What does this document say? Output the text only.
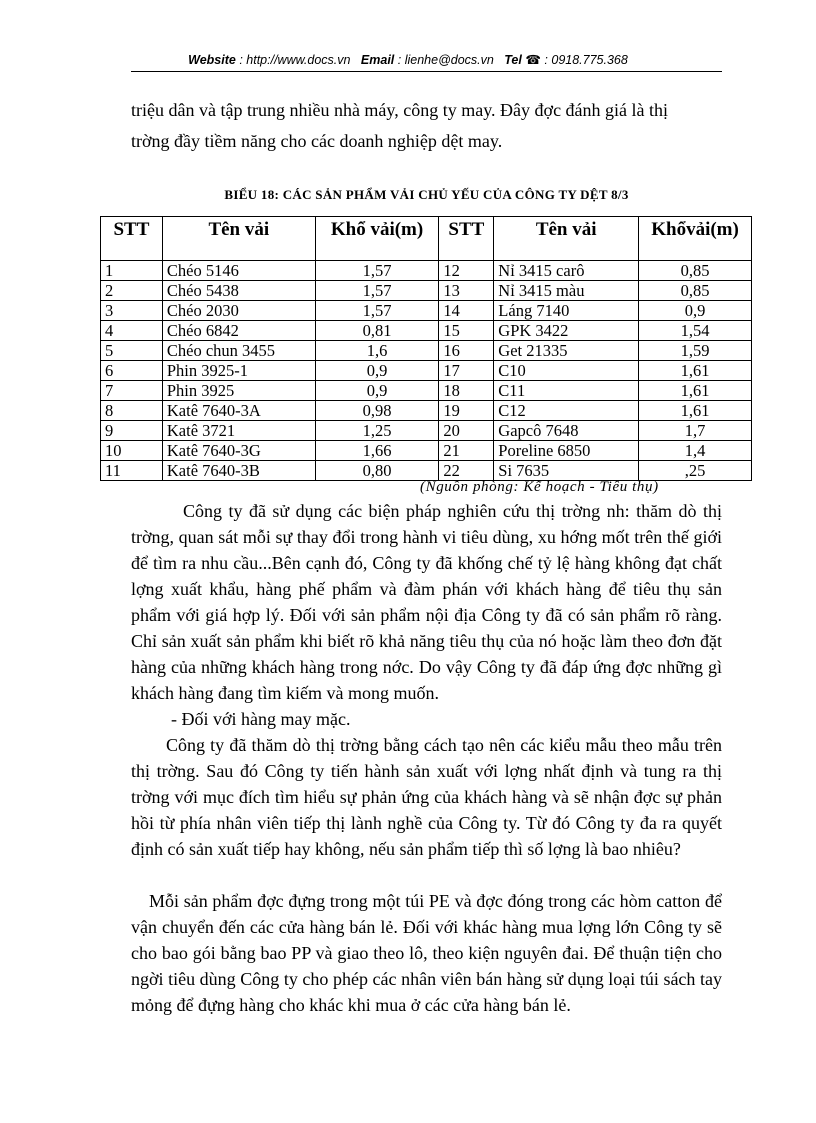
Website : http://www.docs.vn Email : lienhe@docs.vn Tel ☎ : 0918.775.368
triệu dân và tập trung nhiều nhà máy, công ty may. Đây đợc đánh giá là thị
trờng đầy tiềm năng cho các doanh nghiệp dệt may.
BIỂU 18: CÁC SẢN PHẨM VẢI CHỦ YẾU CỦA CÔNG TY DỆT 8/3
STT	Tên vải	Khổ vải(m)	STT	Tên vải	Khổvải(m)
1	Chéo 5146	1,57	12	Nỉ 3415 carô	0,85
2	Chéo 5438	1,57	13	Nỉ 3415 màu	0,85
3	Chéo 2030	1,57	14	Láng 7140	0,9
4	Chéo 6842	0,81	15	GPK 3422	1,54
5	Chéo chun 3455	1,6	16	Get 21335	1,59
6	Phin 3925-1	0,9	17	C10	1,61
7	Phin 3925	0,9	18	C11	1,61
8	Katê 7640-3A	0,98	19	C12	1,61
9	Katê 3721	1,25	20	Gapcô 7648	1,7
10	Katê 7640-3G	1,66	21	Poreline 6850	1,4
11	Katê 7640-3B	0,80	22	Si 7635	,25
(Nguồn phòng: Kế hoạch - Tiêu thụ)
Công ty đã sử dụng các biện pháp nghiên cứu thị trờng nh: thăm dò thị trờng, quan sát mỗi sự thay đổi trong hành vi tiêu dùng, xu hớng mốt trên thế giới để tìm ra nhu cầu...Bên cạnh đó, Công ty đã khống chế tỷ lệ hàng không đạt chất lợng xuất khẩu, hàng phế phẩm và đàm phán với khách hàng để tiêu thụ sản phẩm với giá hợp lý. Đối với sản phẩm nội địa Công ty đã có sản phẩm rõ ràng. Chỉ sản xuất sản phẩm khi biết rõ khả năng tiêu thụ của nó hoặc làm theo đơn đặt hàng của những khách hàng trong nớc. Do vậy Công ty đã đáp ứng đợc những gì khách hàng đang tìm kiếm và mong muốn.
- Đối với hàng may mặc.
Công ty đã thăm dò thị trờng bằng cách tạo nên các kiểu mẫu theo mẫu trên thị trờng. Sau đó Công ty tiến hành sản xuất với lợng nhất định và tung ra thị trờng với mục đích tìm hiểu sự phản ứng của khách hàng và sẽ nhận đợc sự phản hồi từ phía nhân viên tiếp thị lành nghề của Công ty. Từ đó Công ty đa ra quyết định có sản xuất tiếp hay không, nếu sản phẩm tiếp thì số lợng là bao nhiêu?
Mỗi sản phẩm đợc đựng trong một túi PE và đợc đóng trong các hòm catton để vận chuyển đến các cửa hàng bán lẻ. Đối với khác hàng mua lợng lớn Công ty sẽ cho bao gói bằng bao PP và giao theo lô, theo kiện nguyên đai. Để thuận tiện cho ngời tiêu dùng Công ty cho phép các nhân viên bán hàng sử dụng loại túi sách tay mỏng để đựng hàng cho khác khi mua ở các cửa hàng bán lẻ.
